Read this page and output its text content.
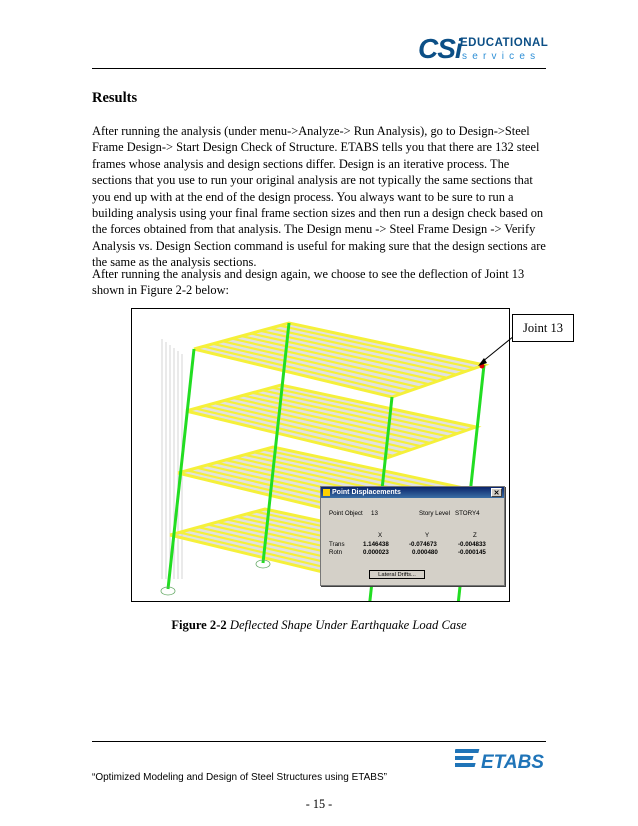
CSi
EDUCATIONAL
services
Results
After running the analysis (under menu->Analyze-> Run Analysis), go to Design->Steel Frame Design-> Start Design Check of Structure. ETABS tells you that there are 132 steel frames whose analysis and design sections differ. Design is an iterative process. The sections that you use to run your original analysis are not typically the same sections that you end up with at the end of the design process. You always want to be sure to run a building analysis using your final frame section sizes and then run a design check based on the forces obtained from that analysis. The Design menu -> Steel Frame Design -> Verify Analysis vs. Design Section command is useful for making sure that the design sections are the same as the analysis sections.
After running the analysis and design again, we choose to see the deflection of Joint 13 shown in Figure 2-2 below:
Point Displacements	✕
Point Object 13	Story Level STORY4
X	Y	Z
Trans	1.146438	-0.074673	-0.004833
Rotn	0.000023	0.000480	-0.000145
Lateral Drifts...
Joint 13
Figure 2-2 Deflected Shape Under Earthquake Load Case
“Optimized Modeling and Design of Steel Structures using ETABS”
ETABS
- 15 -
